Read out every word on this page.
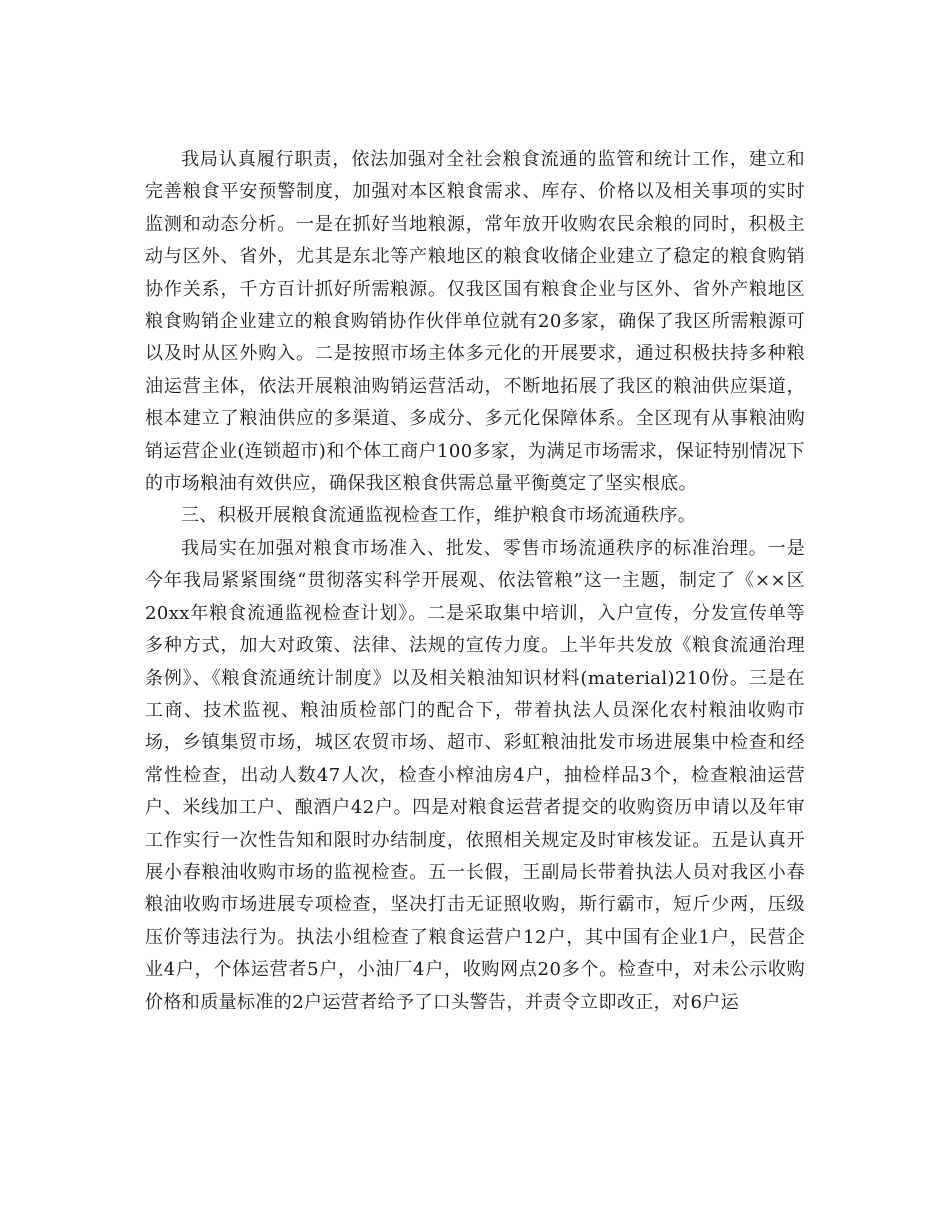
我局认真履行职责，依法加强对全社会粮食流通的监管和统计工作，建立和完善粮食平安预警制度，加强对本区粮食需求、库存、价格以及相关事项的实时监测和动态分析。一是在抓好当地粮源，常年放开收购农民余粮的同时，积极主动与区外、省外，尤其是东北等产粮地区的粮食收储企业建立了稳定的粮食购销协作关系，千方百计抓好所需粮源。仅我区国有粮食企业与区外、省外产粮地区粮食购销企业建立的粮食购销协作伙伴单位就有20多家，确保了我区所需粮源可以及时从区外购入。二是按照市场主体多元化的开展要求，通过积极扶持多种粮油运营主体，依法开展粮油购销运营活动，不断地拓展了我区的粮油供应渠道，根本建立了粮油供应的多渠道、多成分、多元化保障体系。全区现有从事粮油购销运营企业(连锁超市)和个体工商户100多家，为满足市场需求，保证特别情况下的市场粮油有效供应，确保我区粮食供需总量平衡奠定了坚实根底。

三、积极开展粮食流通监视检查工作，维护粮食市场流通秩序。

我局实在加强对粮食市场准入、批发、零售市场流通秩序的标准治理。一是今年我局紧紧围绕“贯彻落实科学开展观、依法管粮”这一主题，制定了《××区20xx年粮食流通监视检查计划》。二是采取集中培训，入户宣传，分发宣传单等多种方式，加大对政策、法律、法规的宣传力度。上半年共发放《粮食流通治理条例》、《粮食流通统计制度》以及相关粮油知识材料(material)210份。三是在工商、技术监视、粮油质检部门的配合下，带着执法人员深化农村粮油收购市场，乡镇集贸市场，城区农贸市场、超市、彩虹粮油批发市场进展集中检查和经常性检查，出动人数47人次，检查小榨油房4户，抽检样品3个，检查粮油运营户、米线加工户、酿酒户42户。四是对粮食运营者提交的收购资历申请以及年审工作实行一次性告知和限时办结制度，依照相关规定及时审核发证。五是认真开展小春粮油收购市场的监视检查。五一长假，王副局长带着执法人员对我区小春粮油收购市场进展专项检查，坚决打击无证照收购，斯行霸市，短斤少两，压级压价等违法行为。执法小组检查了粮食运营户12户，其中国有企业1户，民营企业4户，个体运营者5户，小油厂4户，收购网点20多个。检查中，对未公示收购价格和质量标准的2户运营者给予了口头警告，并责令立即改正，对6户运
